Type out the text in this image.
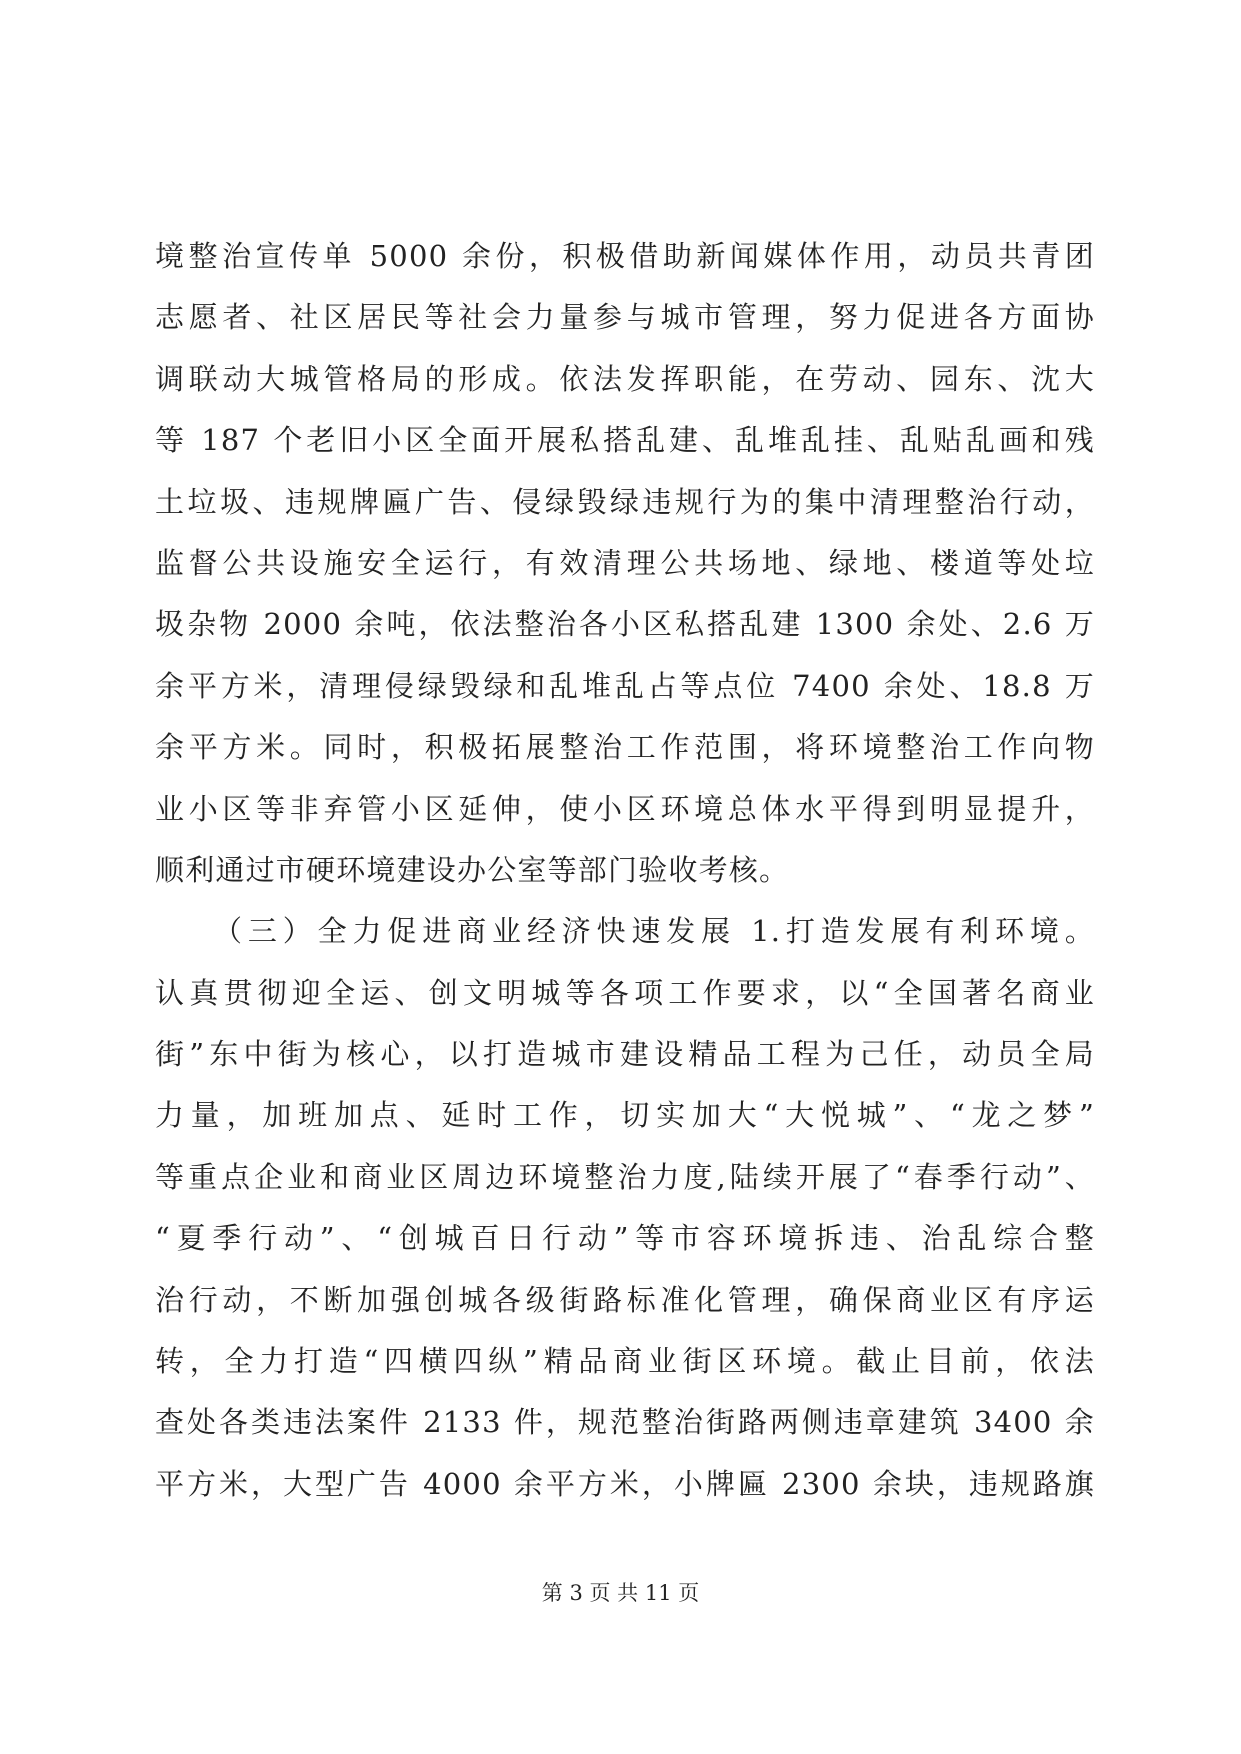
境整治宣传单 5000 余份，积极借助新闻媒体作用，动员共青团
志愿者、社区居民等社会力量参与城市管理，努力促进各方面协
调联动大城管格局的形成。依法发挥职能，在劳动、园东、沈大
等 187 个老旧小区全面开展私搭乱建、乱堆乱挂、乱贴乱画和残
土垃圾、违规牌匾广告、侵绿毁绿违规行为的集中清理整治行动，
监督公共设施安全运行，有效清理公共场地、绿地、楼道等处垃
圾杂物 2000 余吨，依法整治各小区私搭乱建 1300 余处、2.6 万
余平方米，清理侵绿毁绿和乱堆乱占等点位 7400 余处、18.8 万
余平方米。同时，积极拓展整治工作范围，将环境整治工作向物
业小区等非弃管小区延伸，使小区环境总体水平得到明显提升，
顺利通过市硬环境建设办公室等部门验收考核。
（三）全力促进商业经济快速发展 1.打造发展有利环境。
认真贯彻迎全运、创文明城等各项工作要求，以“全国著名商业
街”东中街为核心，以打造城市建设精品工程为己任，动员全局
力量，加班加点、延时工作，切实加大“大悦城”、“龙之梦”
等重点企业和商业区周边环境整治力度,陆续开展了“春季行动”、
“夏季行动”、“创城百日行动”等市容环境拆违、治乱综合整
治行动，不断加强创城各级街路标准化管理，确保商业区有序运
转，全力打造“四横四纵”精品商业街区环境。截止目前，依法
查处各类违法案件 2133 件，规范整治街路两侧违章建筑 3400 余
平方米，大型广告 4000 余平方米，小牌匾 2300 余块，违规路旗
第 3 页 共 11 页
